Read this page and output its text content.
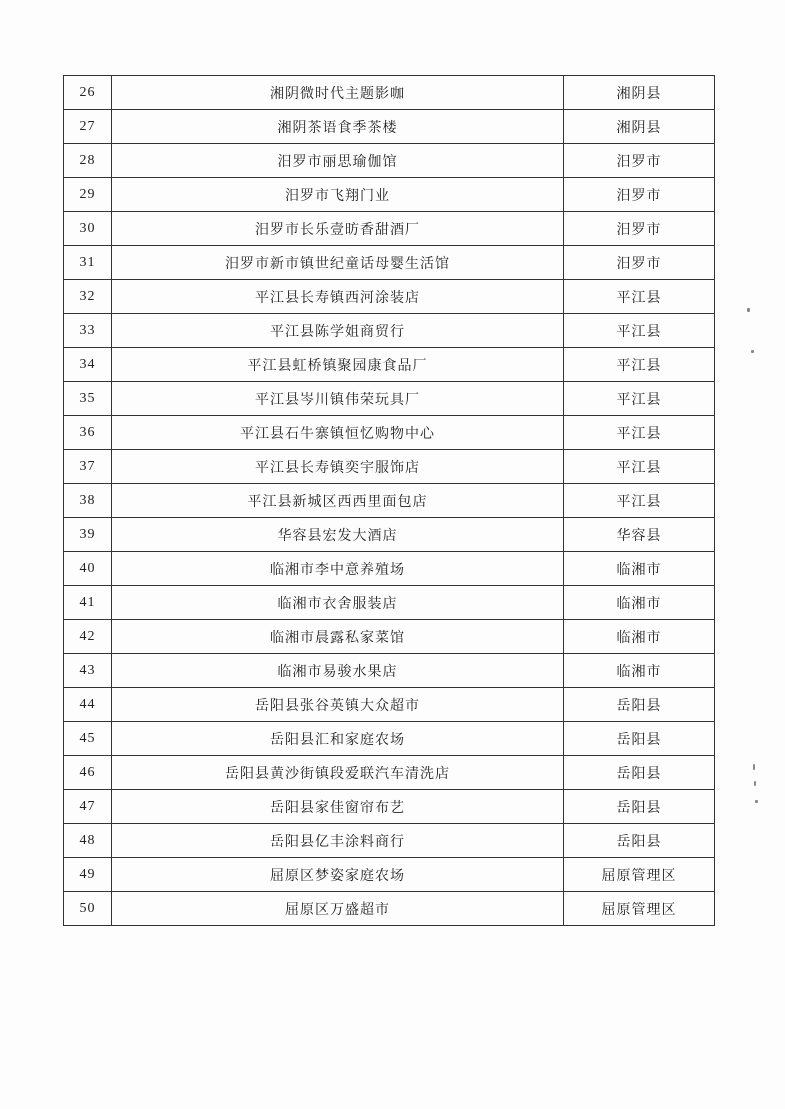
26	湘阴微时代主题影咖	湘阴县
27	湘阴茶语食季茶楼	湘阴县
28	汨罗市丽思瑜伽馆	汨罗市
29	汨罗市飞翔门业	汨罗市
30	汨罗市长乐壹昉香甜酒厂	汨罗市
31	汨罗市新市镇世纪童话母婴生活馆	汨罗市
32	平江县长寿镇西河涂装店	平江县
33	平江县陈学姐商贸行	平江县
34	平江县虹桥镇聚园康食品厂	平江县
35	平江县岑川镇伟荣玩具厂	平江县
36	平江县石牛寨镇恒忆购物中心	平江县
37	平江县长寿镇奕宇服饰店	平江县
38	平江县新城区西西里面包店	平江县
39	华容县宏发大酒店	华容县
40	临湘市李中意养殖场	临湘市
41	临湘市衣舍服装店	临湘市
42	临湘市晨露私家菜馆	临湘市
43	临湘市易骏水果店	临湘市
44	岳阳县张谷英镇大众超市	岳阳县
45	岳阳县汇和家庭农场	岳阳县
46	岳阳县黄沙街镇段爱联汽车清洗店	岳阳县
47	岳阳县家佳窗帘布艺	岳阳县
48	岳阳县亿丰涂料商行	岳阳县
49	屈原区梦姿家庭农场	屈原管理区
50	屈原区万盛超市	屈原管理区
